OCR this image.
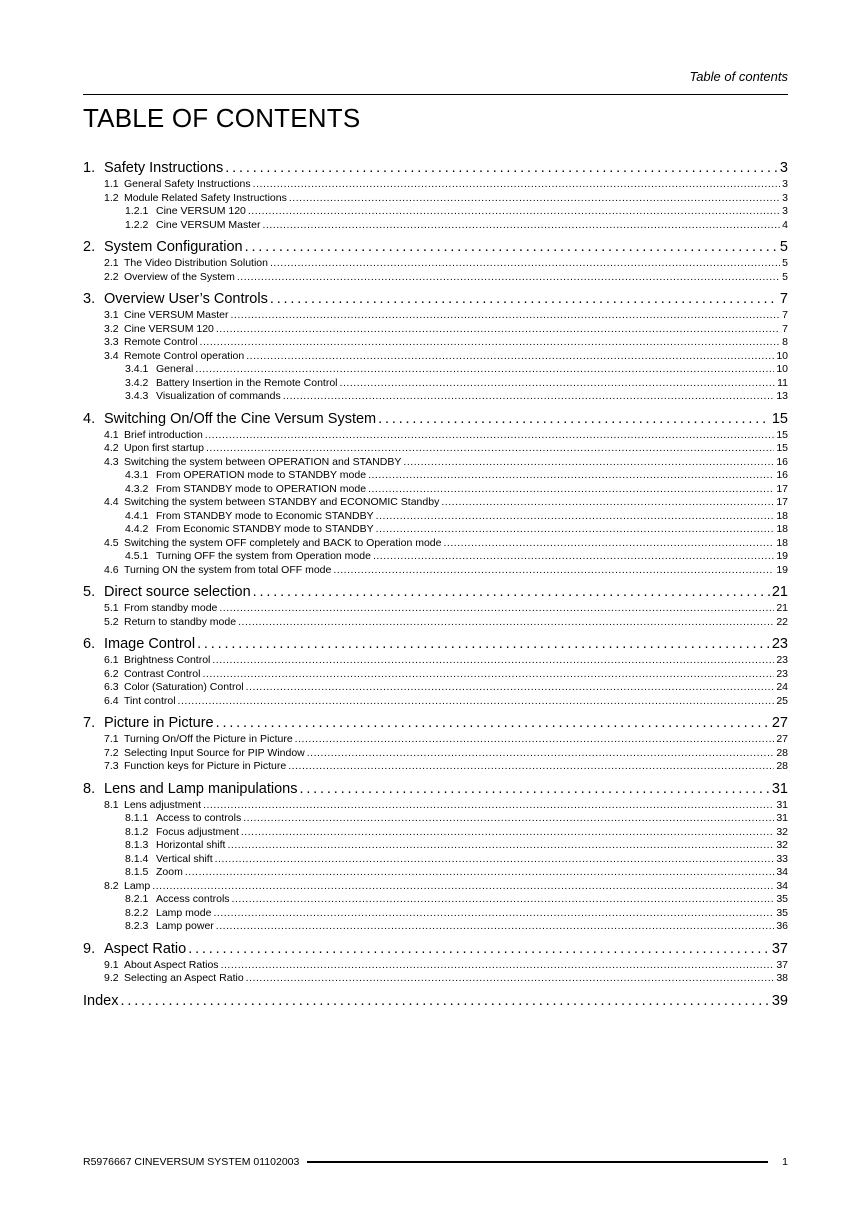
Table of contents
TABLE OF CONTENTS
1. Safety Instructions . . .	3
1.1 General Safety Instructions . . .	3
1.2 Module Related Safety Instructions . . .	3
1.2.1 Cine VERSUM 120 . . .	3
1.2.2 Cine VERSUM Master . . .	4
2. System Configuration . . .	5
2.1 The Video Distribution Solution . . .	5
2.2 Overview of the System . . .	5
3. Overview User’s Controls . . .	7
3.1 Cine VERSUM Master . . .	7
3.2 Cine VERSUM 120 . . .	7
3.3 Remote Control . . .	8
3.4 Remote Control operation . . .	10
3.4.1 General . . .	10
3.4.2 Battery Insertion in the Remote Control . . .	11
3.4.3 Visualization of commands . . .	13
4. Switching On/Off the Cine Versum System . . .	15
4.1 Brief introduction . . .	15
4.2 Upon first startup . . .	15
4.3 Switching the system between OPERATION and STANDBY . . .	16
4.3.1 From OPERATION mode to STANDBY mode . . .	16
4.3.2 From STANDBY mode to OPERATION mode . . .	17
4.4 Switching the system between STANDBY and ECONOMIC Standby . . .	17
4.4.1 From STANDBY mode to Economic STANDBY . . .	18
4.4.2 From Economic STANDBY mode to STANDBY . . .	18
4.5 Switching the system OFF completely and BACK to Operation mode . . .	18
4.5.1 Turning OFF the system from Operation mode . . .	19
4.6 Turning ON the system from total OFF mode . . .	19
5. Direct source selection . . .	21
5.1 From standby mode . . .	21
5.2 Return to standby mode . . .	22
6. Image Control . . .	23
6.1 Brightness Control . . .	23
6.2 Contrast Control . . .	23
6.3 Color (Saturation) Control . . .	24
6.4 Tint control . . .	25
7. Picture in Picture . . .	27
7.1 Turning On/Off the Picture in Picture . . .	27
7.2 Selecting Input Source for PIP Window . . .	28
7.3 Function keys for Picture in Picture . . .	28
8. Lens and Lamp manipulations . . .	31
8.1 Lens adjustment . . .	31
8.1.1 Access to controls . . .	31
8.1.2 Focus adjustment . . .	32
8.1.3 Horizontal shift . . .	32
8.1.4 Vertical shift . . .	33
8.1.5 Zoom . . .	34
8.2 Lamp . . .	34
8.2.1 Access controls . . .	35
8.2.2 Lamp mode . . .	35
8.2.3 Lamp power . . .	36
9. Aspect Ratio . . .	37
9.1 About Aspect Ratios . . .	37
9.2 Selecting an Aspect Ratio . . .	38
Index . . .	39
R5976667 CINEVERSUM SYSTEM 01102003	1
